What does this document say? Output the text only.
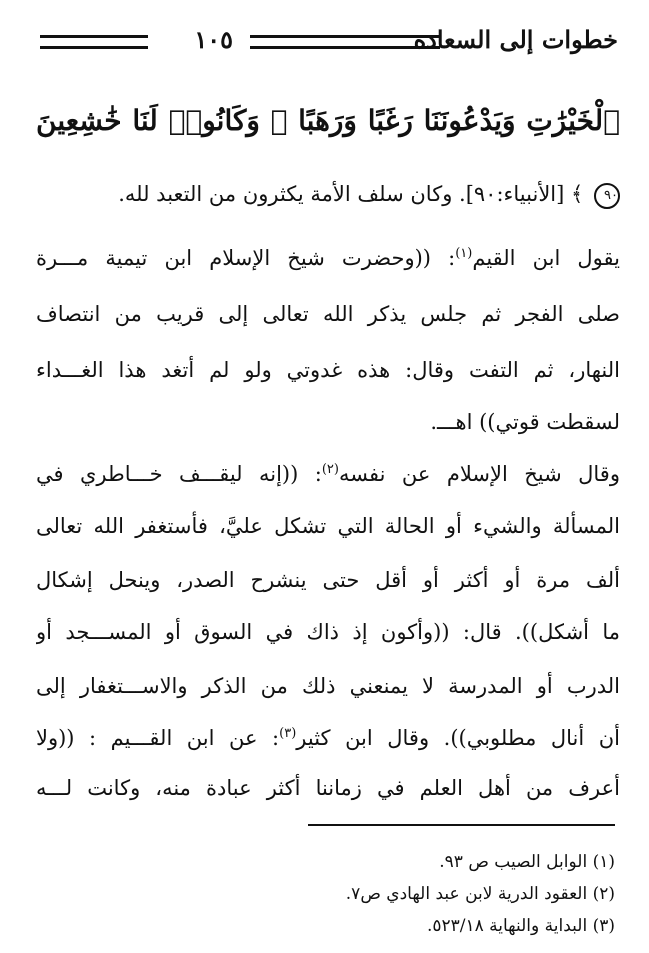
خطوات إلى السعادة
١٠٥
ٱلْخَيْرَٰتِ وَيَدْعُونَنَا رَغَبًا وَرَهَبًا ۖ وَكَانُوا۟ لَنَا خَٰشِعِينَ
٩٠ ﴾ [الأنبياء:٩٠]. وكان سلف الأمة يكثرون من التعبد لله.
يقول ابن القيم$^{(١)}$: ((وحضرت شيخ الإسلام ابن تيمية مـــرة
صلى الفجر ثم جلس يذكر الله تعالى إلى قريب من انتصاف
النهار، ثم التفت وقال: هذه غدوتي ولو لم أتغد هذا الغـــداء
لسقطت قوتي)) اهـــ.
وقال شيخ الإسلام عن نفسه$^{(٢)}$: ((إنه ليقـــف خـــاطري في
المسألة والشيء أو الحالة التي تشكل عليَّ، فأستغفر الله تعالى
ألف مرة أو أكثر أو أقل حتى ينشرح الصدر، وينحل إشكال
ما أشكل)). قال: ((وأكون إذ ذاك في السوق أو المســـجد أو
الدرب أو المدرسة لا يمنعني ذلك من الذكر والاســـتغفار إلى
أن أنال مطلوبي)). وقال ابن كثير$^{(٣)}$: عن ابن القـــيم : ((ولا
أعرف من أهل العلم في زماننا أكثر عبادة منه، وكانت لـــه
(١) الوابل الصيب ص ٩٣.
(٢) العقود الدرية لابن عبد الهادي ص٧.
(٣) البداية والنهاية ٥٢٣/١٨.
